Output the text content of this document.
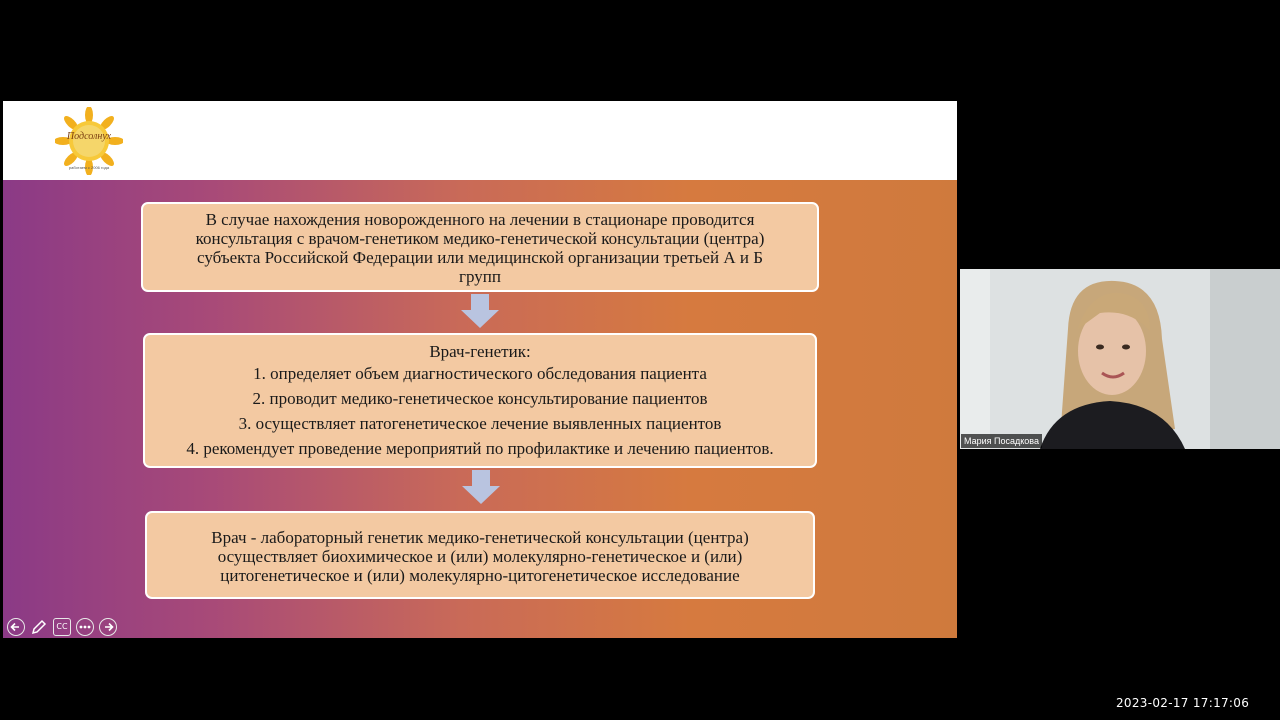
Подсолнух
работаем с 2006 года
В случае нахождения новорожденного на лечении в стационаре проводится
консультация с врачом-генетиком медико-генетической консультации (центра)
субъекта Российской Федерации или медицинской организации третьей А и Б
групп
Врач-генетик:
1. определяет объем диагностического обследования пациента
2. проводит медико-генетическое консультирование пациентов
3. осуществляет патогенетическое лечение выявленных пациентов
4. рекомендует проведение мероприятий по профилактике и лечению пациентов.
Врач - лабораторный генетик медико-генетической консультации (центра)
осуществляет биохимическое и (или) молекулярно-генетическое и (или)
цитогенетическое и (или) молекулярно-цитогенетическое исследование
CC
Мария Посадкова
2023-02-17 17:17:06
